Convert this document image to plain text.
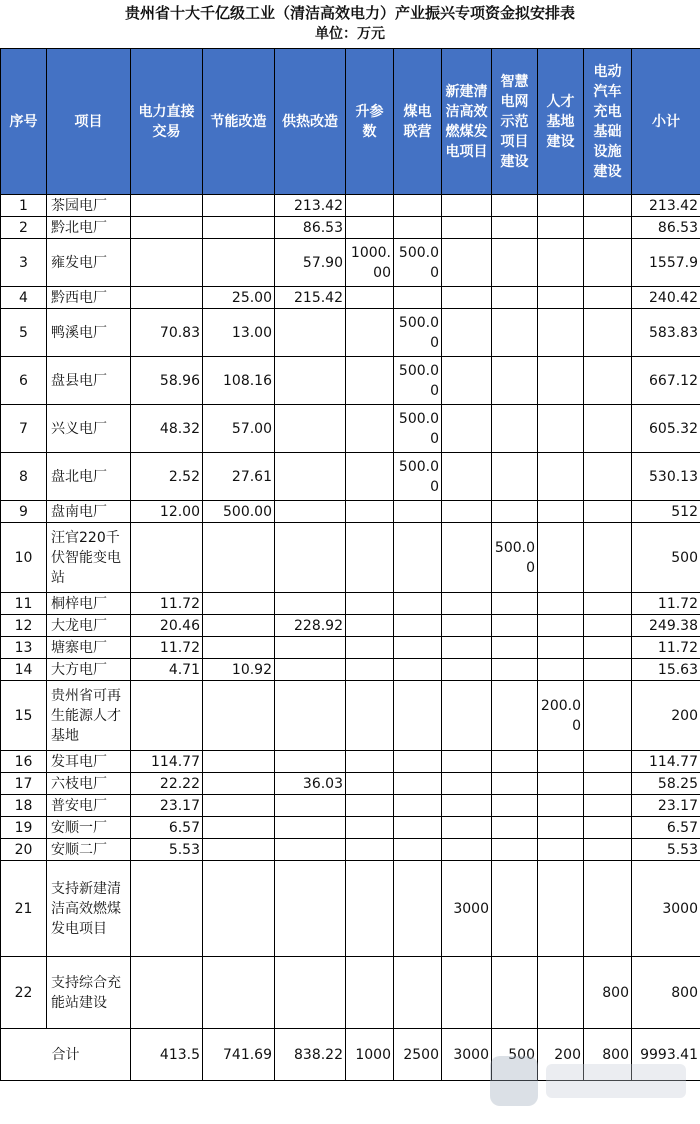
贵州省十大千亿级工业（清洁高效电力）产业振兴专项资金拟安排表
单位：万元
序号	项目	电力直接交易	节能改造	供热改造	升参数	煤电联营	新建清洁高效燃煤发电项目	智慧电网示范项目建设	人才基地建设	电动汽车充电基础设施建设	小计
1	茶园电厂			213.42							213.42
2	黔北电厂			86.53							86.53
3	雍发电厂			57.90	1000.00	500.00					1557.9
4	黔西电厂		25.00	215.42							240.42
5	鸭溪电厂	70.83	13.00			500.00					583.83
6	盘县电厂	58.96	108.16			500.00					667.12
7	兴义电厂	48.32	57.00			500.00					605.32
8	盘北电厂	2.52	27.61			500.00					530.13
9	盘南电厂	12.00	500.00								512
10	汪官220千伏智能变电站							500.00			500
11	桐梓电厂	11.72									11.72
12	大龙电厂	20.46		228.92							249.38
13	塘寨电厂	11.72									11.72
14	大方电厂	4.71	10.92								15.63
15	贵州省可再生能源人才基地								200.00		200
16	发耳电厂	114.77									114.77
17	六枝电厂	22.22		36.03							58.25
18	普安电厂	23.17									23.17
19	安顺一厂	6.57									6.57
20	安顺二厂	5.53									5.53
21	支持新建清洁高效燃煤发电项目						3000				3000
22	支持综合充能站建设									800	800
合计		413.5	741.69	838.22	1000	2500	3000	500	200	800	9993.41
